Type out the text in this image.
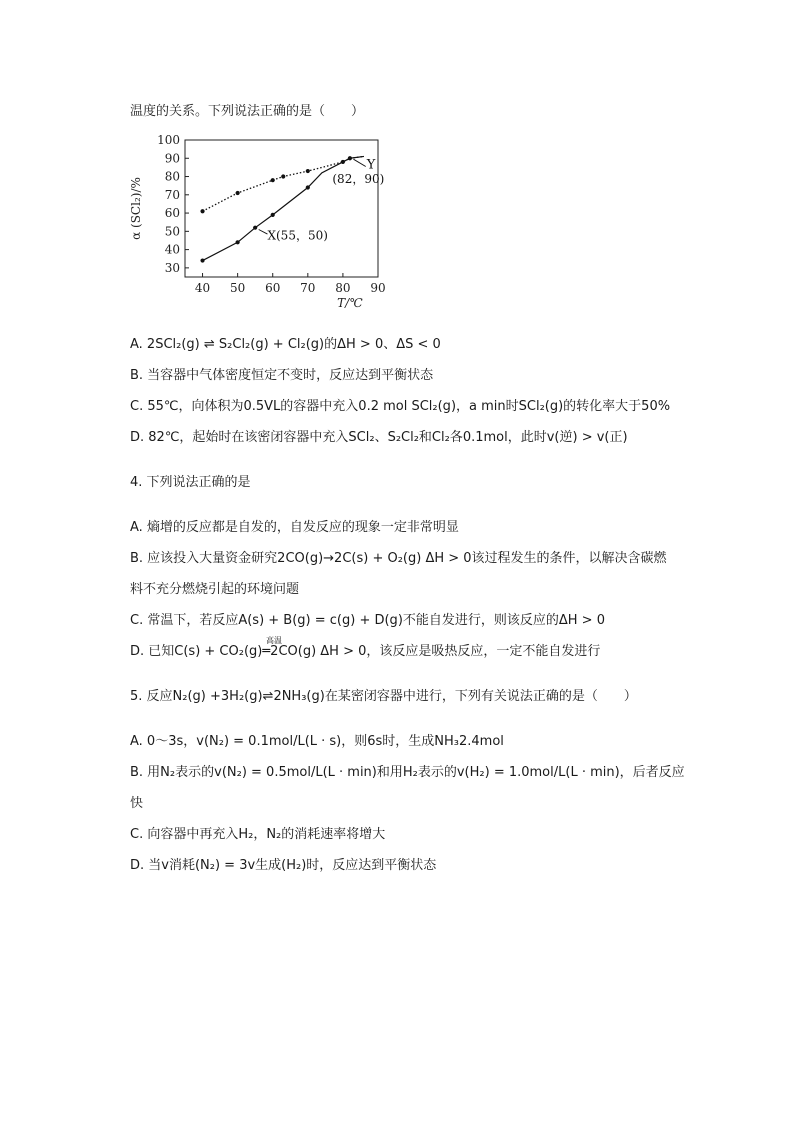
温度的关系。下列说法正确的是（　　）
40 50 60 70 80 90
30
40
50
60
70
80
90
100
T/℃
α (SCl₂)/%
Y
(82，90)
X(55，50)
A. 2SCl₂(g) ⇌ S₂Cl₂(g) + Cl₂(g)的ΔH > 0、ΔS < 0
B. 当容器中气体密度恒定不变时，反应达到平衡状态
C. 55℃，向体积为0.5VL的容器中充入0.2 mol SCl₂(g)，a min时SCl₂(g)的转化率大于50%
D. 82℃，起始时在该密闭容器中充入SCl₂、S₂Cl₂和Cl₂各0.1mol，此时v(逆) > v(正)
4. 下列说法正确的是
A. 熵增的反应都是自发的，自发反应的现象一定非常明显
B. 应该投入大量资金研究2CO(g)→2C(s) + O₂(g) ΔH > 0该过程发生的条件，以解决含碳燃
料不充分燃烧引起的环境问题
C. 常温下，若反应A(s) + B(g) = c(g) + D(g)不能自发进行，则该反应的ΔH > 0
D. 已知C(s) + CO₂(g)═2CO(g) ΔH > 0，该反应是吸热反应，一定不能自发进行
高温
5. 反应N₂(g) +3H₂(g)⇌2NH₃(g)在某密闭容器中进行，下列有关说法正确的是（　　）
A. 0～3s，v(N₂) = 0.1mol/L(L · s)，则6s时，生成NH₃2.4mol
B. 用N₂表示的v(N₂) = 0.5mol/L(L · min)和用H₂表示的v(H₂) = 1.0mol/L(L · min)，后者反应
快
C. 向容器中再充入H₂，N₂的消耗速率将增大
D. 当v消耗(N₂) = 3v生成(H₂)时，反应达到平衡状态
